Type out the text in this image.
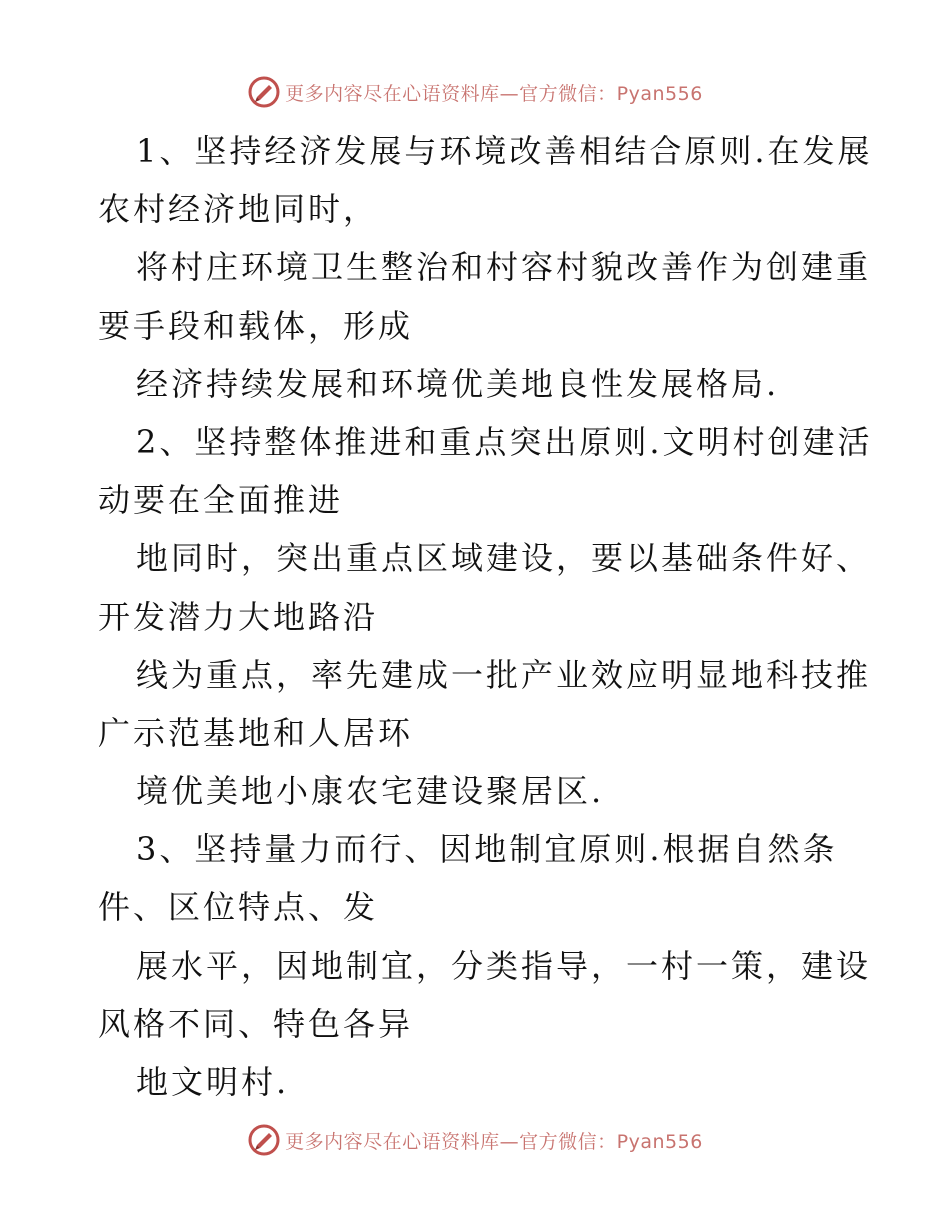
更多内容尽在心语资料库—官方微信：Pyan556
1、坚持经济发展与环境改善相结合原则.在发展
农村经济地同时，
将村庄环境卫生整治和村容村貌改善作为创建重
要手段和载体，形成
经济持续发展和环境优美地良性发展格局.
2、坚持整体推进和重点突出原则.文明村创建活
动要在全面推进
地同时，突出重点区域建设，要以基础条件好、
开发潜力大地路沿
线为重点，率先建成一批产业效应明显地科技推
广示范基地和人居环
境优美地小康农宅建设聚居区.
3、坚持量力而行、因地制宜原则.根据自然条
件、区位特点、发
展水平，因地制宜，分类指导，一村一策，建设
风格不同、特色各异
地文明村.
更多内容尽在心语资料库—官方微信：Pyan556
